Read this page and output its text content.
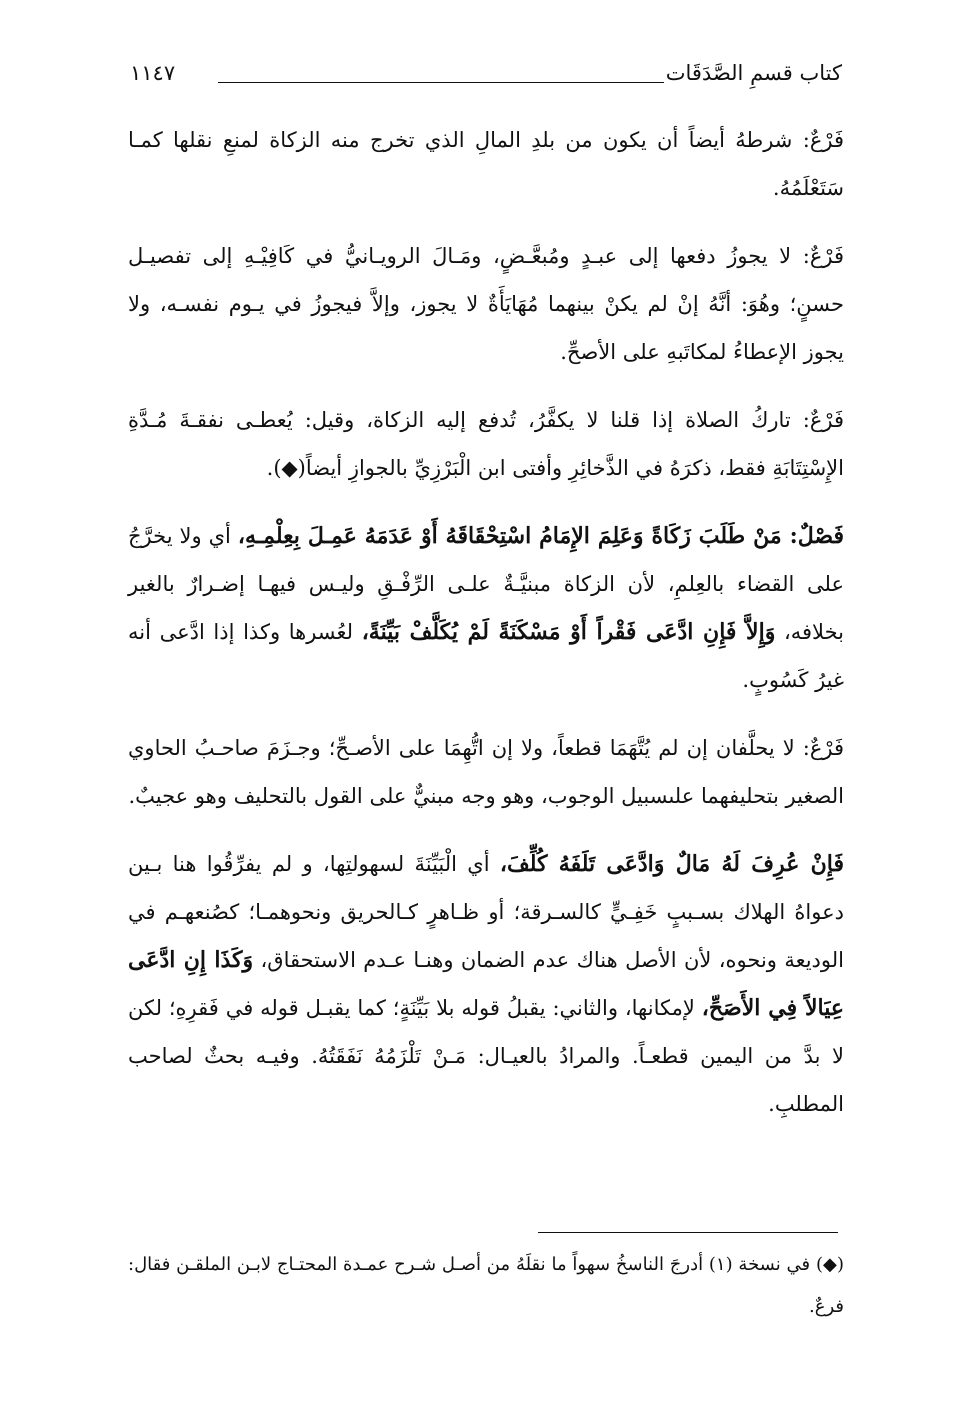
كتاب قسمِ الصَّدَقَات
١١٤٧

فَرْعٌ: شرطهُ أيضاً أن يكون من بلدِ المالِ الذي تخرج منه الزكاة لمنعِ نقلها كمـا سَتَعْلَمُهُ.

فَرْعٌ: لا يجوزُ دفعها إلى عبـدٍ ومُبعَّـضٍ، ومَـالَ الرويـانيُّ في كَافِيْـهِ إلى تفصيـل حسنٍ؛ وهُوَ: أنَّهُ إنْ لم يكنْ بينهما مُهَايَأَةٌ لا يجوز، وإلاَّ فيجوزُ في يـوم نفسـه، ولا يجوز الإعطاءُ لمكاتَبهِ على الأصحِّ.

فَرْعٌ: تاركُ الصلاة إذا قلنا لا يكفَّرُ، تُدفع إليه الزكاة، وقيل: يُعطـى نفقـةَ مُـدَّةِ الإِسْتِتَابَةِ فقط، ذكرَهُ في الذَّخائِرِ وأفتى ابن الْبَرْزِيِّ بالجوازِ أيضاً(◆).

فَصْلٌ: مَنْ طَلَبَ زَكَاةً وَعَلِمَ الإِمَامُ اسْتِحْقَاقَهُ أَوْ عَدَمَهُ عَمِـلَ بِعِلْمِـهِ، أي ولا يخرَّجُ على القضاء بالعِلمِ، لأن الزكاة مبنيَّـةٌ علـى الرِّفْـقِ وليـس فيهـا إضـرارٌ بالغير بخلافه، وَإِلاَّ فَإِنِ ادَّعَى فَقْراً أَوْ مَسْكَنَةً لَمْ يُكَلَّفْ بَيِّنَةً، لعُسرها وكذا إذا ادَّعى أنه غيرُ كَسُوبٍ.

فَرْعٌ: لا يحلَّفان إن لم يُتَّهَمَا قطعاً، ولا إن اتُّهِمَا على الأصـحِّ؛ وجـزَمَ صاحـبُ الحاوي الصغير بتحليفهما علىسبيل الوجوب، وهو وجه مبنيٌّ على القول بالتحليف وهو عجيبٌ.

فَإِنْ عُرِفَ لَهُ مَالٌ وَادَّعَى تَلَفَهُ كُلِّفَ، أي الْبَيِّنَةَ لسهولتِها، و لم يفرِّقُوا هنا بـين دعواهُ الهلاك بسـببٍ خَفِـيٍّ كالسـرقة؛ أو ظـاهرٍ كـالحريق ونحوهمـا؛ كصُنعهـم في الوديعة ونحوه، لأن الأصل هناك عدم الضمان وهنـا عـدم الاستحقاق، وَكَذَا إِنِ ادَّعَى عِيَالاً فِي الأَصَحِّ، لإمكانها، والثاني: يقبلُ قوله بلا بَيِّنَةٍ؛ كما يقبـل قوله في فَقرِهِ؛ لكن لا بدَّ من اليمين قطعـاً. والمرادُ بالعيـال: مَـنْ تَلْزَمُهُ نَفَقَتُهُ. وفيـه بحثٌ لصاحب المطلبِ.

(◆) في نسخة (١) أدرجَ الناسخُ سهواً ما نقلَهُ من أصـل شـرح عمـدة المحتـاج لابـن الملقـن فقال: فرعٌ.
